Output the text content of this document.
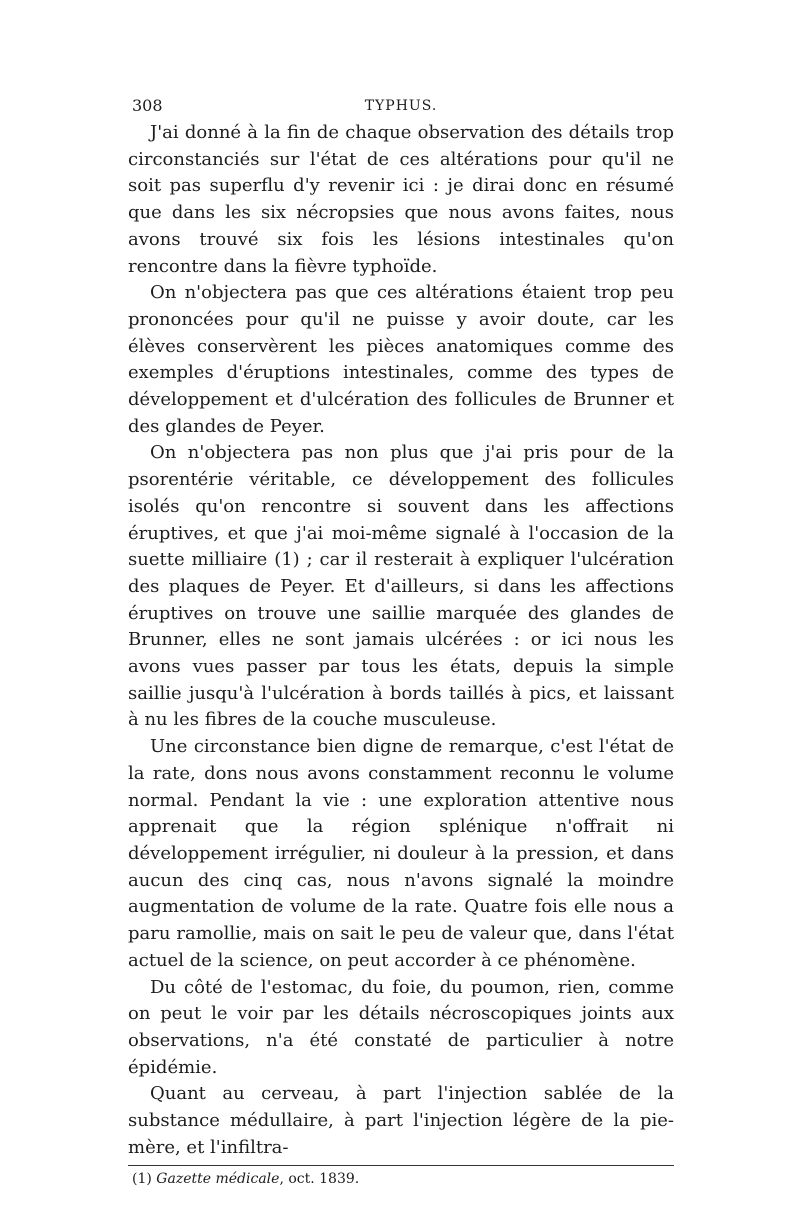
308	TYPHUS.

J'ai donné à la fin de chaque observation des détails trop circonstanciés sur l'état de ces altérations pour qu'il ne soit pas superflu d'y revenir ici : je dirai donc en résumé que dans les six nécropsies que nous avons faites, nous avons trouvé six fois les lésions intestinales qu'on rencontre dans la fièvre typhoïde.

On n'objectera pas que ces altérations étaient trop peu prononcées pour qu'il ne puisse y avoir doute, car les élèves conservèrent les pièces anatomiques comme des exemples d'éruptions intestinales, comme des types de développement et d'ulcération des follicules de Brunner et des glandes de Peyer.

On n'objectera pas non plus que j'ai pris pour de la psorentérie véritable, ce développement des follicules isolés qu'on rencontre si souvent dans les affections éruptives, et que j'ai moi-même signalé à l'occasion de la suette milliaire (1) ; car il resterait à expliquer l'ulcération des plaques de Peyer. Et d'ailleurs, si dans les affections éruptives on trouve une saillie marquée des glandes de Brunner, elles ne sont jamais ulcérées : or ici nous les avons vues passer par tous les états, depuis la simple saillie jusqu'à l'ulcération à bords taillés à pics, et laissant à nu les fibres de la couche musculeuse.

Une circonstance bien digne de remarque, c'est l'état de la rate, dons nous avons constamment reconnu le volume normal. Pendant la vie : une exploration attentive nous apprenait que la région splénique n'offrait ni développement irrégulier, ni douleur à la pression, et dans aucun des cinq cas, nous n'avons signalé la moindre augmentation de volume de la rate. Quatre fois elle nous a paru ramollie, mais on sait le peu de valeur que, dans l'état actuel de la science, on peut accorder à ce phénomène.

Du côté de l'estomac, du foie, du poumon, rien, comme on peut le voir par les détails nécroscopiques joints aux observations, n'a été constaté de particulier à notre épidémie.

Quant au cerveau, à part l'injection sablée de la substance médullaire, à part l'injection légère de la pie-mère, et l'infiltra-

(1) Gazette médicale, oct. 1839.
